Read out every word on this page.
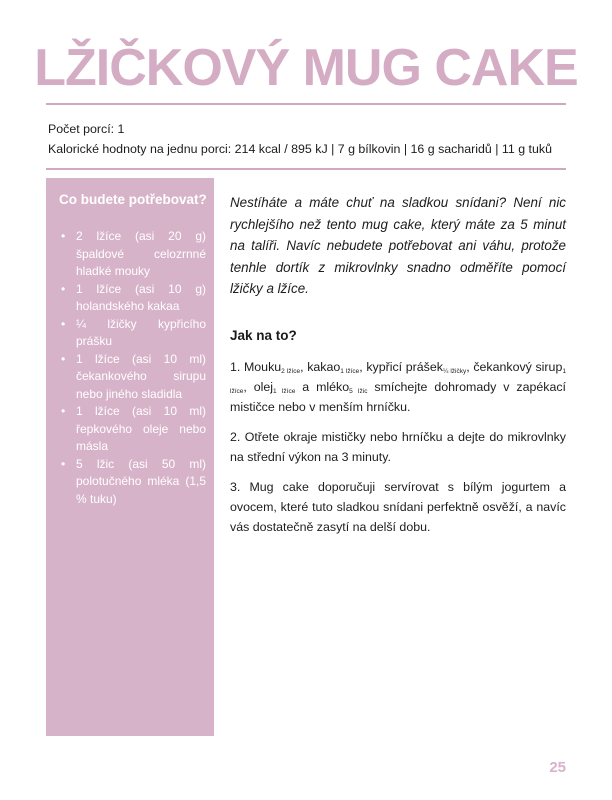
LŽIČKOVÝ MUG CAKE
Počet porcí: 1
Kalorické hodnoty na jednu porci: 214 kcal / 895 kJ | 7 g bílkovin | 16 g sacharidů | 11 g tuků
Co budete potřebovat?
• 2 lžíce (asi 20 g) špaldové celozrnné hladké mouky
• 1 lžíce (asi 10 g) holandského kakaa
• ¼ lžičky kypřicího prášku
• 1 lžíce (asi 10 ml) čekankového sirupu nebo jiného sladidla
• 1 lžíce (asi 10 ml) řepkového oleje nebo másla
• 5 lžic (asi 50 ml) polotučného mléka (1,5 % tuku)

Nestíháte a máte chuť na sladkou snídani? Není nic rychlejšího než tento mug cake, který máte za 5 minut na talíři. Navíc nebudete potřebovat ani váhu, protože tenhle dortík z mikrovlnky snadno odměříte pomocí lžičky a lžíce.

Jak na to?
1. Mouku$_{2 lžíce}$, kakao$_{1 lžíce}$, kypřicí prášek$_{\frac{1}{4} lžičky}$, čekankový sirup$_{1 lžíce}$, olej$_{1 lžíce}$ a mléko$_{5 lžic}$ smíchejte dohromady v zapékací mističce nebo v menším hrníčku.
2. Otřete okraje mističky nebo hrníčku a dejte do mikrovlnky na střední výkon na 3 minuty.
3. Mug cake doporučuji servírovat s bílým jogurtem a ovocem, které tuto sladkou snídani perfektně osvěží, a navíc vás dostatečně zasytí na delší dobu.
25
